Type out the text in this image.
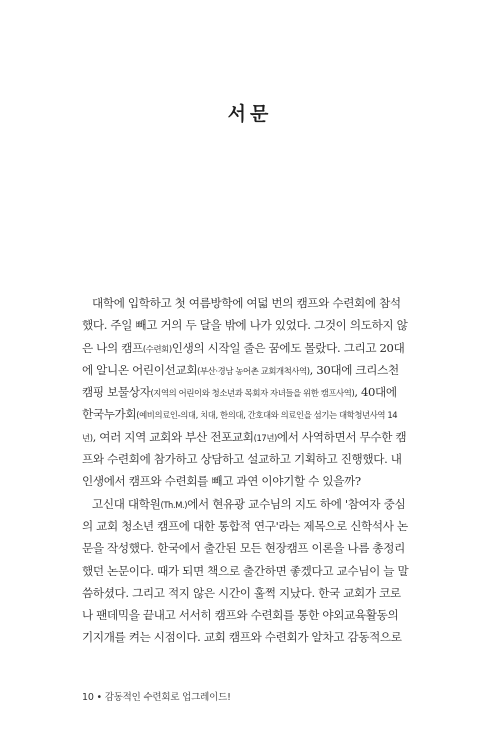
서문
대학에 입학하고 첫 여름방학에 여덟 번의 캠프와 수련회에 참석
했다. 주일 빼고 거의 두 달을 밖에 나가 있었다. 그것이 의도하지 않
은 나의 캠프(수련회)인생의 시작일 줄은 꿈에도 몰랐다. 그리고 20대
에 알니온 어린이선교회(부산·경남 농어촌 교회개척사역), 30대에 크리스천
캠핑 보물상자(지역의 어린이와 청소년과 목회자 자녀들을 위한 캠프사역), 40대에
한국누가회(예비의료인-의대, 치대, 한의대, 간호대와 의료인을 섬기는 대학청년사역 14
년), 여러 지역 교회와 부산 전포교회(17년)에서 사역하면서 무수한 캠
프와 수련회에 참가하고 상담하고 설교하고 기획하고 진행했다. 내
인생에서 캠프와 수련회를 빼고 과연 이야기할 수 있을까?
고신대 대학원(Th.M.)에서 현유광 교수님의 지도 하에 '참여자 중심
의 교회 청소년 캠프에 대한 통합적 연구'라는 제목으로 신학석사 논
문을 작성했다. 한국에서 출간된 모든 현장캠프 이론을 나름 총정리
했던 논문이다. 때가 되면 책으로 출간하면 좋겠다고 교수님이 늘 말
씀하셨다. 그리고 적지 않은 시간이 훌쩍 지났다. 한국 교회가 코로
나 팬데믹을 끝내고 서서히 캠프와 수련회를 통한 야외교육활동의
기지개를 켜는 시점이다. 교회 캠프와 수련회가 알차고 감동적으로
10 • 감동적인 수련회로 업그레이드!
